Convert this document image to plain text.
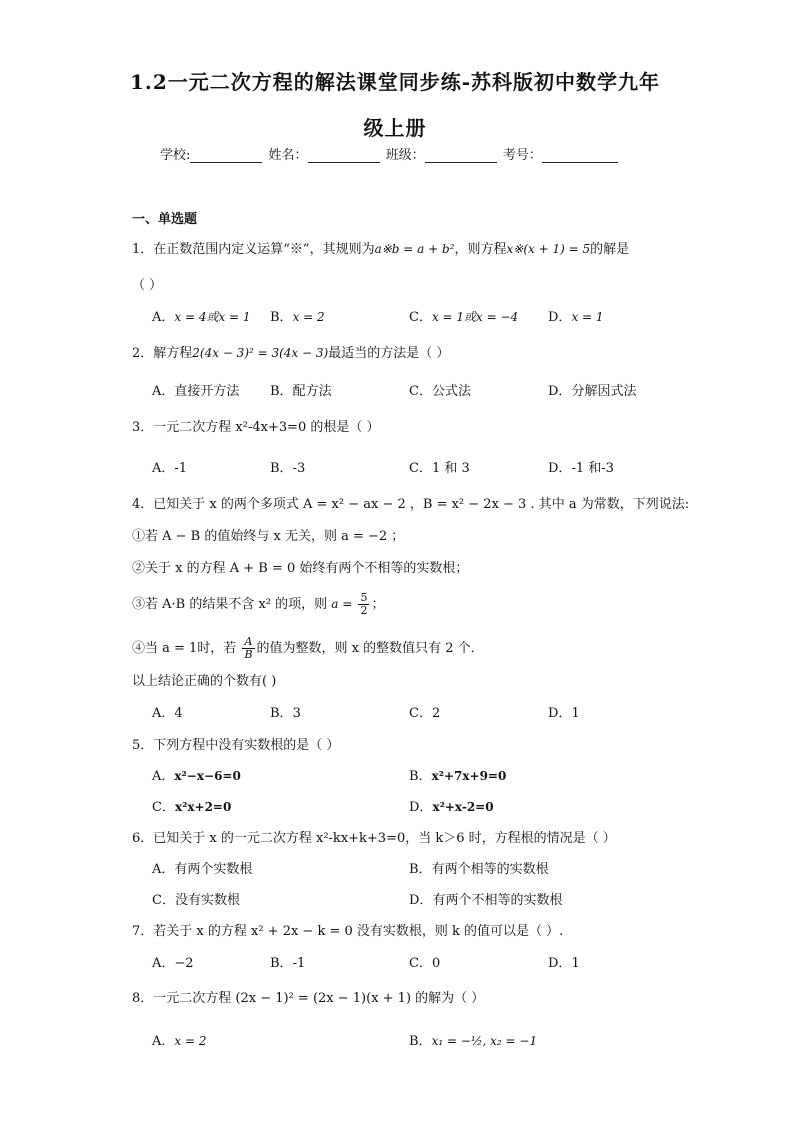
1.2一元二次方程的解法课堂同步练-苏科版初中数学九年
级上册
学校:	姓名：	班级：	考号：
一、单选题
1．在正数范围内定义运算“※”，其规则为a※b = a + b²，则方程x※(x + 1) = 5的解是
（ ）
A．x = 4或x = 1 B．x = 2	C．x = 1或x = −4 D．x = 1
2．解方程2(4x − 3)² = 3(4x − 3)最适当的方法是（ ）
A．直接开方法 B．配方法	C．公式法	D．分解因式法
3．一元二次方程 x²-4x+3=0 的根是（ ）
A．-1	B．-3	C．1 和 3	D．-1 和-3
4．已知关于 x 的两个多项式 A = x² − ax − 2 ，B = x² − 2x − 3 . 其中 a 为常数，下列说法:
①若 A − B 的值始终与 x 无关，则 a = −2 ；
②关于 x 的方程 A + B = 0 始终有两个不相等的实数根；
③若 A·B 的结果不含 x² 的项，则 $a = \frac{5}{2}$ ；
④当 a = 1时，若 $\frac{A}{B}$ 的值为整数，则 x 的整数值只有 2 个．
以上结论正确的个数有( )
A．4	B．3	C．2	D．1
5．下列方程中没有实数根的是（ ）
A．x²−x−6=0	B．x²+7x+9=0
C．x²x+2=0	D．x²+x-2=0
6．已知关于 x 的一元二次方程 x²-kx+k+3=0，当 k＞6 时，方程根的情况是（ ）
A．有两个实数根	B．有两个相等的实数根
C．没有实数根	D．有两个不相等的实数根
7．若关于 x 的方程 x² + 2x − k = 0 没有实数根，则 k 的值可以是（ ）.
A．−2	B．-1	C．0	D．1
8．一元二次方程 (2x − 1)² = (2x − 1)(x + 1) 的解为（ ）
A．x = 2	B．x₁ = −½, x₂ = −1
